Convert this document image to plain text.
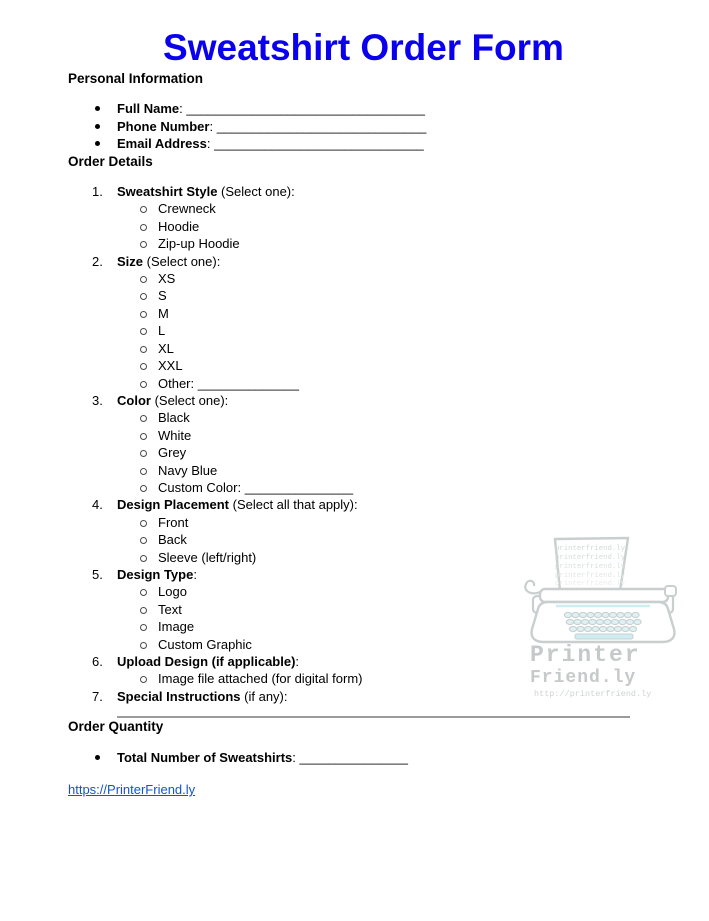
printerfriend.ly
printerfriend.ly
printerfriend.ly
printerfriend.ly
printerfriend.ly
Printer
Friend.ly
http://printerfriend.ly
Sweatshirt Order Form
Personal Information
Full Name: _________________________________
Phone Number: _____________________________
Email Address: _____________________________
Order Details
1.	Sweatshirt Style (Select one):
Crewneck
Hoodie
Zip-up Hoodie
2.	Size (Select one):
XS
S
M
L
XL
XXL
Other: ______________
3.	Color (Select one):
Black
White
Grey
Navy Blue
Custom Color: _______________
4.	Design Placement (Select all that apply):
Front
Back
Sleeve (left/right)
5.	Design Type:
Logo
Text
Image
Custom Graphic
6.	Upload Design (if applicable):
Image file attached (for digital form)
7.	Special Instructions (if any):
Order Quantity
Total Number of Sweatshirts: _______________
https://PrinterFriend.ly
